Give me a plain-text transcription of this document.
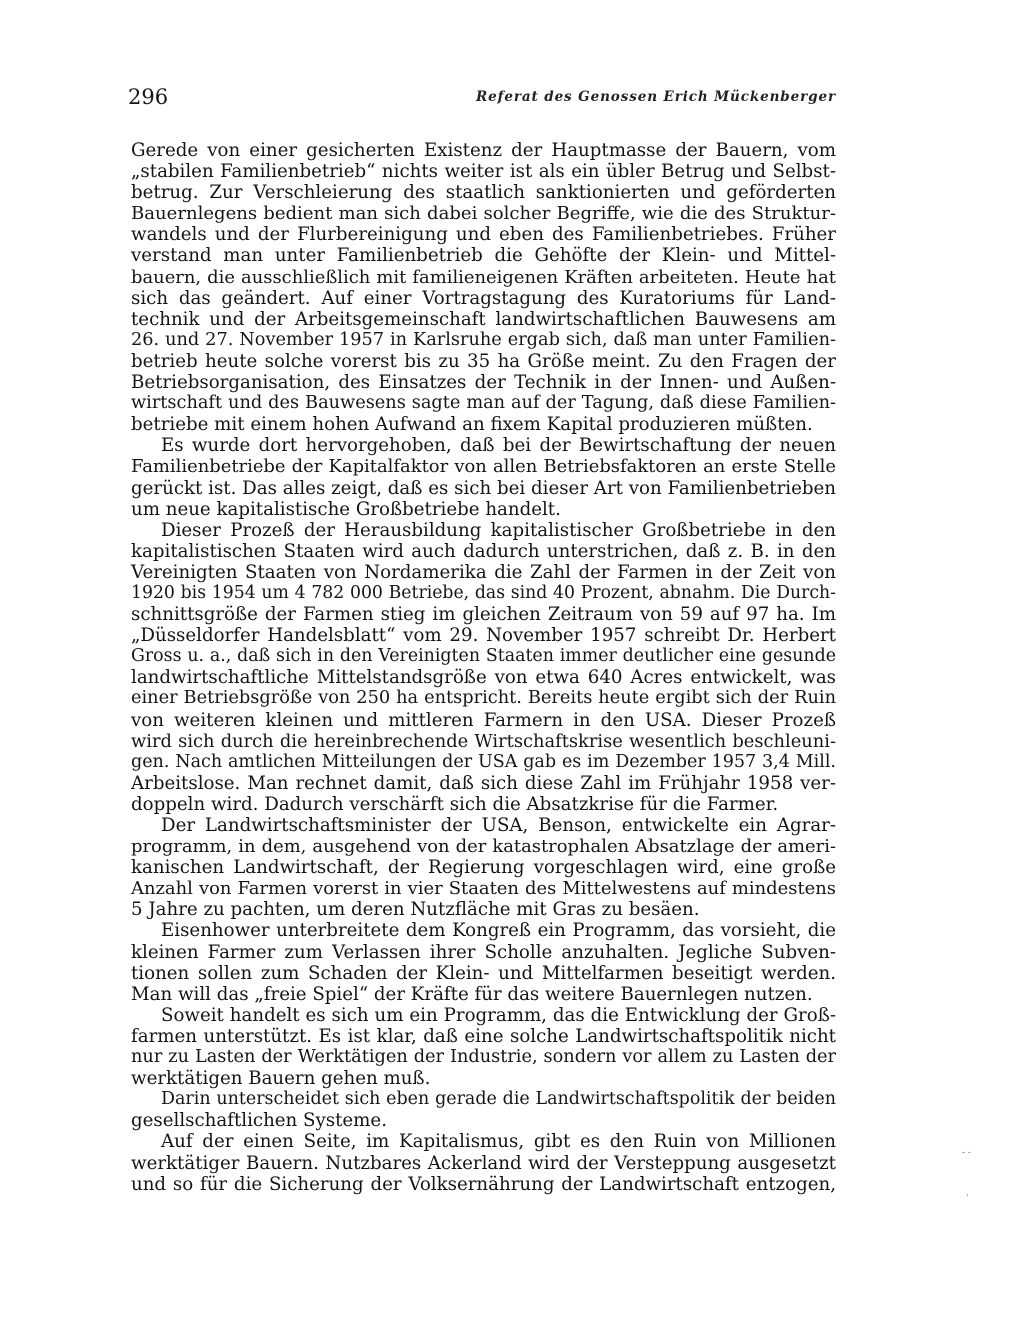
296	Referat des Genossen Erich Mückenberger
Gerede von einer gesicherten Existenz der Hauptmasse der Bauern, vom
„stabilen Familienbetrieb“ nichts weiter ist als ein übler Betrug und Selbst-
betrug. Zur Verschleierung des staatlich sanktionierten und geförderten
Bauernlegens bedient man sich dabei solcher Begriffe, wie die des Struktur-
wandels und der Flurbereinigung und eben des Familienbetriebes. Früher
verstand man unter Familienbetrieb die Gehöfte der Klein- und Mittel-
bauern, die ausschließlich mit familieneigenen Kräften arbeiteten. Heute hat
sich das geändert. Auf einer Vortragstagung des Kuratoriums für Land-
technik und der Arbeitsgemeinschaft landwirtschaftlichen Bauwesens am
26. und 27. November 1957 in Karlsruhe ergab sich, daß man unter Familien-
betrieb heute solche vorerst bis zu 35 ha Größe meint. Zu den Fragen der
Betriebsorganisation, des Einsatzes der Technik in der Innen- und Außen-
wirtschaft und des Bauwesens sagte man auf der Tagung, daß diese Familien-
betriebe mit einem hohen Aufwand an fixem Kapital produzieren müßten.
Es wurde dort hervorgehoben, daß bei der Bewirtschaftung der neuen
Familienbetriebe der Kapitalfaktor von allen Betriebsfaktoren an erste Stelle
gerückt ist. Das alles zeigt, daß es sich bei dieser Art von Familienbetrieben
um neue kapitalistische Großbetriebe handelt.
Dieser Prozeß der Herausbildung kapitalistischer Großbetriebe in den
kapitalistischen Staaten wird auch dadurch unterstrichen, daß z. B. in den
Vereinigten Staaten von Nordamerika die Zahl der Farmen in der Zeit von
1920 bis 1954 um 4 782 000 Betriebe, das sind 40 Prozent, abnahm. Die Durch-
schnittsgröße der Farmen stieg im gleichen Zeitraum von 59 auf 97 ha. Im
„Düsseldorfer Handelsblatt“ vom 29. November 1957 schreibt Dr. Herbert
Gross u. a., daß sich in den Vereinigten Staaten immer deutlicher eine gesunde
landwirtschaftliche Mittelstandsgröße von etwa 640 Acres entwickelt, was
einer Betriebsgröße von 250 ha entspricht. Bereits heute ergibt sich der Ruin
von weiteren kleinen und mittleren Farmern in den USA. Dieser Prozeß
wird sich durch die hereinbrechende Wirtschaftskrise wesentlich beschleuni-
gen. Nach amtlichen Mitteilungen der USA gab es im Dezember 1957 3,4 Mill.
Arbeitslose. Man rechnet damit, daß sich diese Zahl im Frühjahr 1958 ver-
doppeln wird. Dadurch verschärft sich die Absatzkrise für die Farmer.
Der Landwirtschaftsminister der USA, Benson, entwickelte ein Agrar-
programm, in dem, ausgehend von der katastrophalen Absatzlage der ameri-
kanischen Landwirtschaft, der Regierung vorgeschlagen wird, eine große
Anzahl von Farmen vorerst in vier Staaten des Mittelwestens auf mindestens
5 Jahre zu pachten, um deren Nutzfläche mit Gras zu besäen.
Eisenhower unterbreitete dem Kongreß ein Programm, das vorsieht, die
kleinen Farmer zum Verlassen ihrer Scholle anzuhalten. Jegliche Subven-
tionen sollen zum Schaden der Klein- und Mittelfarmen beseitigt werden.
Man will das „freie Spiel“ der Kräfte für das weitere Bauernlegen nutzen.
Soweit handelt es sich um ein Programm, das die Entwicklung der Groß-
farmen unterstützt. Es ist klar, daß eine solche Landwirtschaftspolitik nicht
nur zu Lasten der Werktätigen der Industrie, sondern vor allem zu Lasten der
werktätigen Bauern gehen muß.
Darin unterscheidet sich eben gerade die Landwirtschaftspolitik der beiden
gesellschaftlichen Systeme.
Auf der einen Seite, im Kapitalismus, gibt es den Ruin von Millionen
werktätiger Bauern. Nutzbares Ackerland wird der Versteppung ausgesetzt
und so für die Sicherung der Volksernährung der Landwirtschaft entzogen,
- -
'
